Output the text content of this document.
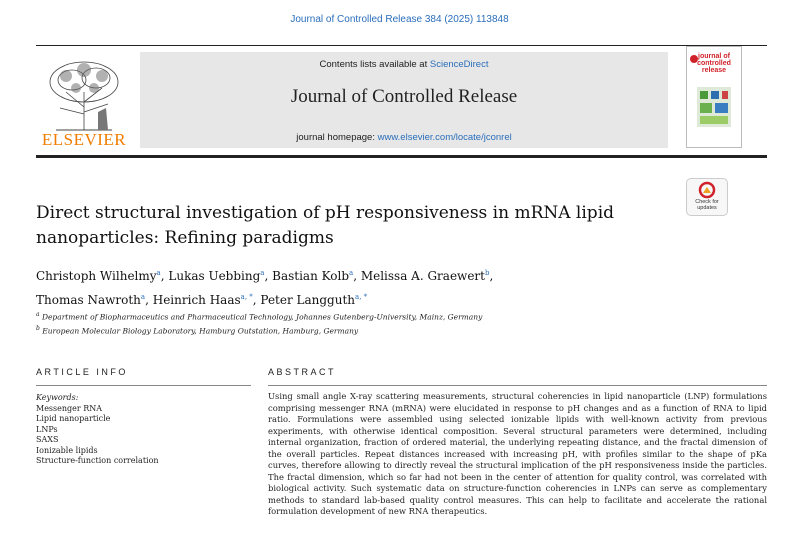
Journal of Controlled Release 384 (2025) 113848
ELSEVIER
Contents lists available at ScienceDirect
Journal of Controlled Release
journal homepage: www.elsevier.com/locate/jconrel
journal of controlled release
Check for updates
Direct structural investigation of pH responsiveness in mRNA lipid
nanoparticles: Refining paradigms
Christoph Wilhelmy$^a$, Lukas Uebbing$^a$, Bastian Kolb$^a$, Melissa A. Graewert$^b$,
Thomas Nawroth$^a$, Heinrich Haas$^{a, *}$, Peter Langguth$^{a, *}$
$^a$ Department of Biopharmaceutics and Pharmaceutical Technology, Johannes Gutenberg-University, Mainz, Germany
$^b$ European Molecular Biology Laboratory, Hamburg Outstation, Hamburg, Germany
ARTICLE INFO
Keywords:
Messenger RNA
Lipid nanoparticle
LNPs
SAXS
Ionizable lipids
Structure-function correlation
ABSTRACT
Using small angle X-ray scattering measurements, structural coherencies in lipid nanoparticle (LNP) formulations comprising messenger RNA (mRNA) were elucidated in response to pH changes and as a function of RNA to lipid ratio. Formulations were assembled using selected ionizable lipids with well-known activity from previous experiments, with otherwise identical composition. Several structural parameters were determined, including internal organization, fraction of ordered material, the underlying repeating distance, and the fractal dimension of the overall particles. Repeat distances increased with increasing pH, with profiles similar to the shape of pKa curves, therefore allowing to directly reveal the structural implication of the pH responsiveness inside the particles. The fractal dimension, which so far had not been in the center of attention for quality control, was correlated with biological activity. Such systematic data on structure-function coherencies in LNPs can serve as complementary methods to standard lab-based quality control measures. This can help to facilitate and accelerate the rational formulation development of new RNA therapeutics.
